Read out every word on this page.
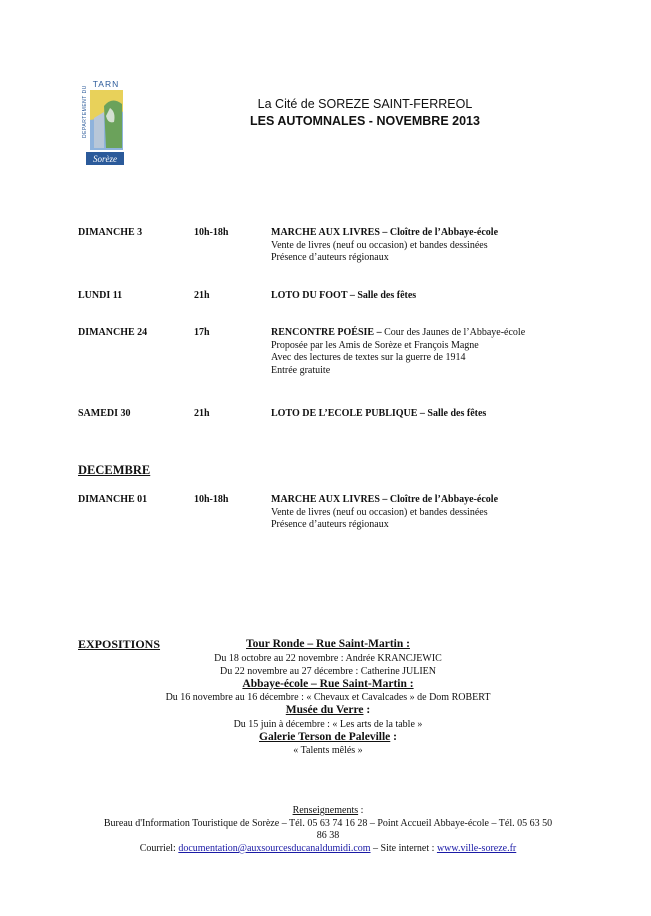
TARN
DEPARTEMENT DU
Sorèze
La Cité de SOREZE SAINT-FERREOL
LES AUTOMNALES - NOVEMBRE 2013
DIMANCHE 3	10h-18h	MARCHE AUX LIVRES – Cloître de l’Abbaye-école
Vente de livres (neuf ou occasion) et bandes dessinées
Présence d’auteurs régionaux
LUNDI 11	21h	LOTO DU FOOT – Salle des fêtes
DIMANCHE 24	17h	RENCONTRE POÉSIE – Cour des Jaunes de l’Abbaye-école
Proposée par les Amis de Sorèze et François Magne
Avec des lectures de textes sur la guerre de 1914
Entrée gratuite
SAMEDI 30	21h	LOTO DE L’ECOLE PUBLIQUE – Salle des fêtes
DECEMBRE
DIMANCHE 01	10h-18h	MARCHE AUX LIVRES – Cloître de l’Abbaye-école
Vente de livres (neuf ou occasion) et bandes dessinées
Présence d’auteurs régionaux
EXPOSITIONS	Tour Ronde – Rue Saint-Martin :
Du 18 octobre au 22 novembre : Andrée KRANCJEWIC
Du 22 novembre au 27 décembre : Catherine JULIEN
Abbaye-école – Rue Saint-Martin :
Du 16 novembre au 16 décembre : « Chevaux et Cavalcades » de Dom ROBERT
Musée du Verre :
Du 15 juin à décembre : « Les arts de la table »
Galerie Terson de Paleville :
« Talents mêlés »
Renseignements :
Bureau d'Information Touristique de Sorèze – Tél. 05 63 74 16 28 – Point Accueil Abbaye-école – Tél. 05 63 50
86 38
Courriel: documentation@auxsourcesducanaldumidi.com – Site internet : www.ville-soreze.fr
